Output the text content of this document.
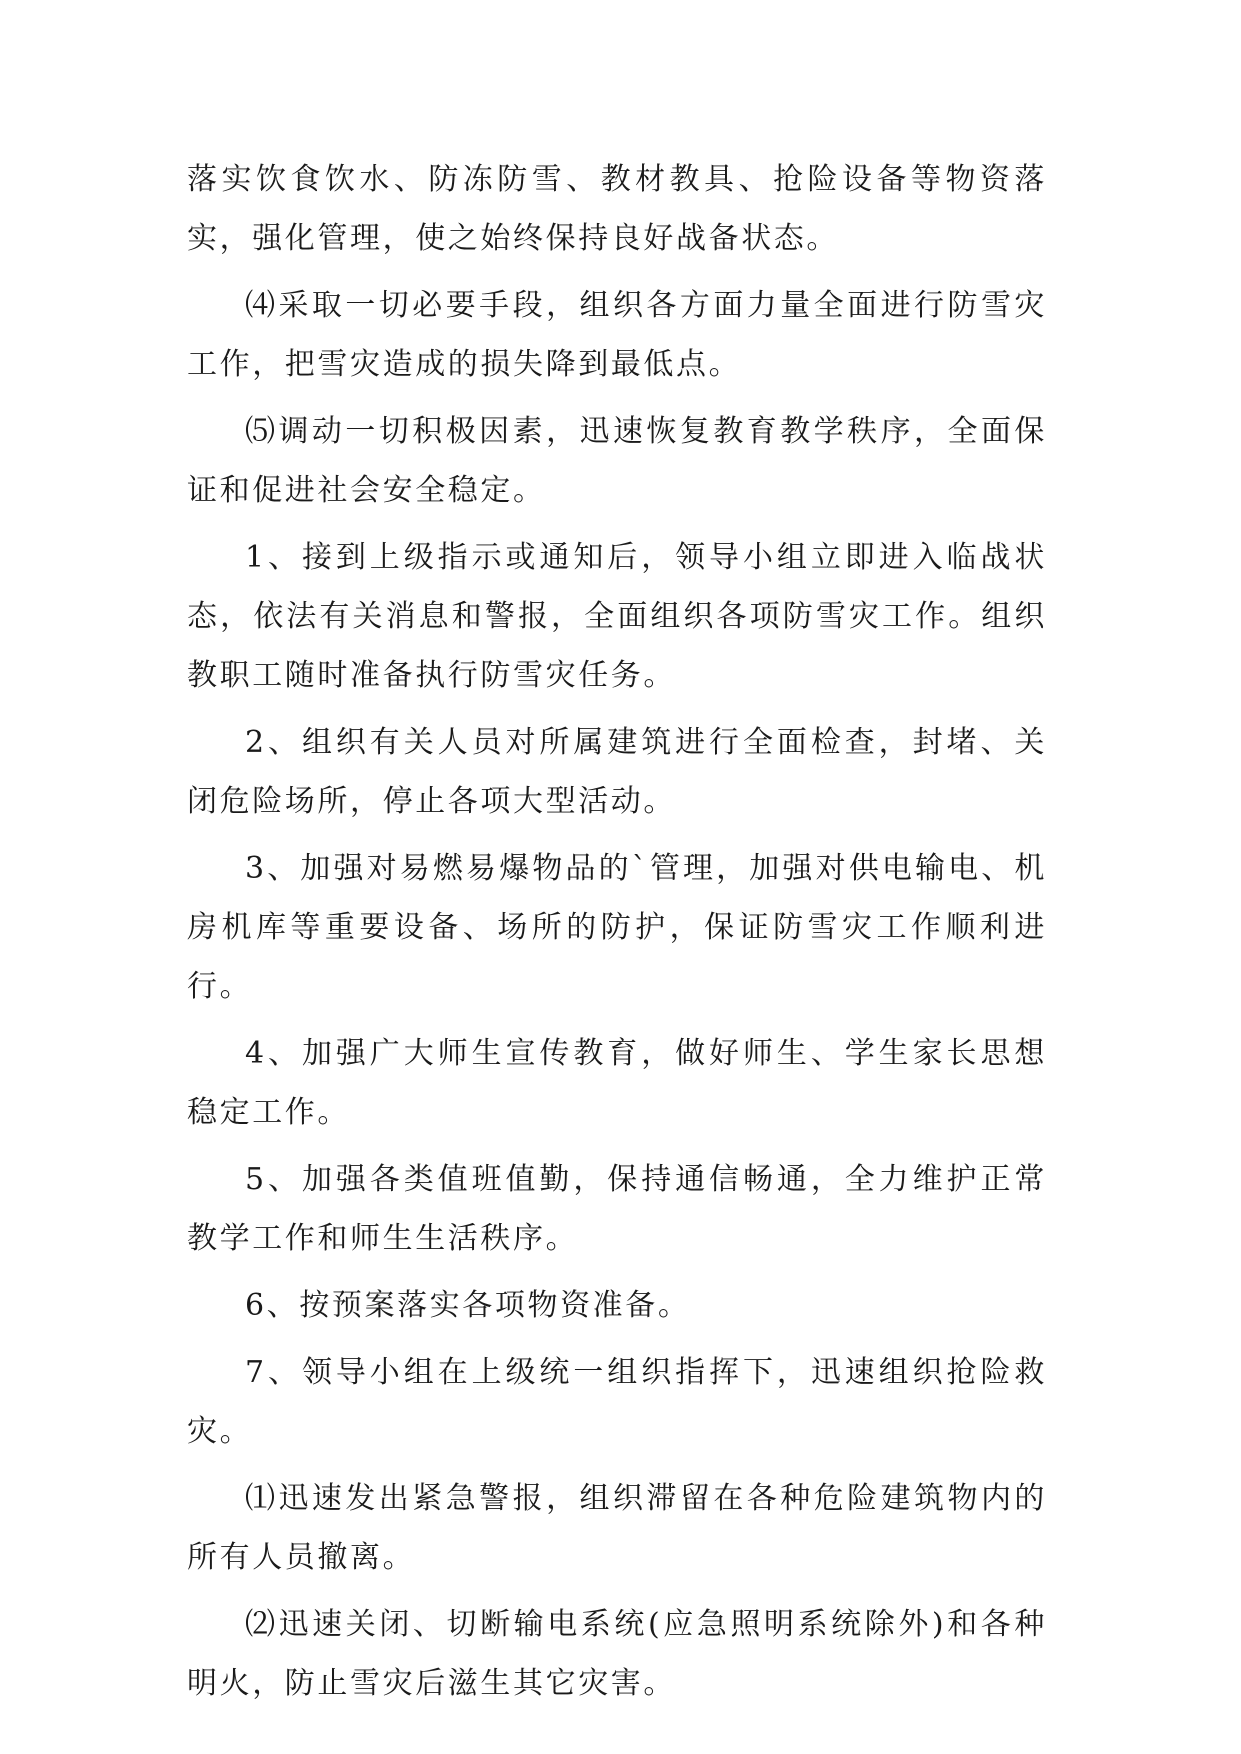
落实饮食饮水、防冻防雪、教材教具、抢险设备等物资落实，强化管理，使之始终保持良好战备状态。

⑷采取一切必要手段，组织各方面力量全面进行防雪灾工作，把雪灾造成的损失降到最低点。

⑸调动一切积极因素，迅速恢复教育教学秩序，全面保证和促进社会安全稳定。

1、接到上级指示或通知后，领导小组立即进入临战状态，依法有关消息和警报，全面组织各项防雪灾工作。组织教职工随时准备执行防雪灾任务。

2、组织有关人员对所属建筑进行全面检查，封堵、关闭危险场所，停止各项大型活动。

3、加强对易燃易爆物品的`管理，加强对供电输电、机房机库等重要设备、场所的防护，保证防雪灾工作顺利进行。

4、加强广大师生宣传教育，做好师生、学生家长思想稳定工作。

5、加强各类值班值勤，保持通信畅通，全力维护正常教学工作和师生生活秩序。

6、按预案落实各项物资准备。

7、领导小组在上级统一组织指挥下，迅速组织抢险救灾。

⑴迅速发出紧急警报，组织滞留在各种危险建筑物内的所有人员撤离。

⑵迅速关闭、切断输电系统(应急照明系统除外)和各种明火，防止雪灾后滋生其它灾害。
